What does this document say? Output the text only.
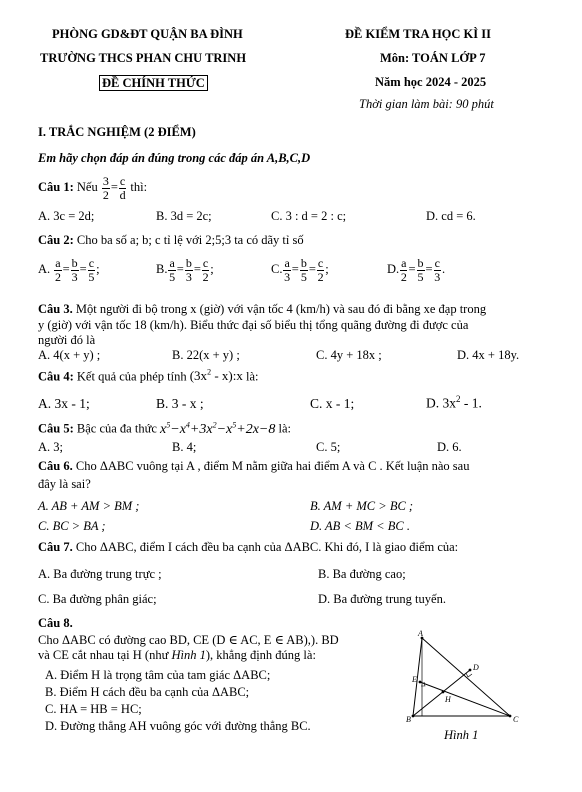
PHÒNG GD&ĐT QUẬN BA ĐÌNH
TRƯỜNG THCS PHAN CHU TRINH
ĐỀ CHÍNH THỨC
ĐỀ KIỂM TRA HỌC KÌ II
Môn: TOÁN LỚP 7
Năm học 2024 - 2025
Thời gian làm bài: 90 phút
I. TRẮC NGHIỆM (2 ĐIỂM)
Em hãy chọn đáp án đúng trong các đáp án A,B,C,D
Câu 1: Nếu $\frac{3}{2} = \frac{c}{d}$ thì:
A. 3c = 2d;	B. 3d = 2c;	C. 3 : d = 2 : c;	D. cd = 6.
Câu 2: Cho ba số a; b; c tỉ lệ với 2;5;3 ta có dãy tỉ số
A. $\frac{a}{2} = \frac{b}{3} = \frac{c}{5}$ ;	B. $\frac{a}{5} = \frac{b}{3} = \frac{c}{2}$ ;	C. $\frac{a}{3} = \frac{b}{5} = \frac{c}{2}$ ;	D. $\frac{a}{2} = \frac{b}{5} = \frac{c}{3}$ .
Câu 3. Một người đi bộ trong x (giờ) với vận tốc 4 (km/h) và sau đó đi bằng xe đạp trong
y (giờ) với vận tốc 18 (km/h). Biểu thức đại số biểu thị tổng quãng đường đi được của
người đó là
A. 4(x + y) ;	B. 22(x + y) ;	C. 4y + 18x ;	D. 4x + 18y.
Câu 4: Kết quả của phép tính ($3x^2$ - x):x là:
A. 3x - 1;	B. 3 - x ;	C. x - 1;	D. $3x^2 - 1$.
Câu 5: Bậc của đa thức $x^5-x^4+3x^2-x^5+2x-8$ là:
A. 3;	B. 4;	C. 5;	D. 6.
Câu 6. Cho ΔABC vuông tại A , điểm M nằm giữa hai điểm A và C . Kết luận nào sau
đây là sai?
A. AB + AM > BM ;	B. AM + MC > BC ;
C. BC > BA ;	D. AB < BM < BC .
Câu 7. Cho ΔABC, điểm I cách đều ba cạnh của ΔABC. Khi đó, I là giao điểm của:
A. Ba đường trung trực ;	B. Ba đường cao;
C. Ba đường phân giác;	D. Ba đường trung tuyến.
Câu 8.
Cho ΔABC có đường cao BD, CE (D ∈ AC, E ∈ AB),). BD
và CE cắt nhau tại H (như Hình 1), khẳng định đúng là:
A. Điểm H là trọng tâm của tam giác ΔABC;
B. Điểm H cách đều ba cạnh của ΔABC;
C. HA = HB = HC;
D. Đường thẳng AH vuông góc với đường thẳng BC.
A
B	C
D
E
H
Hình 1
